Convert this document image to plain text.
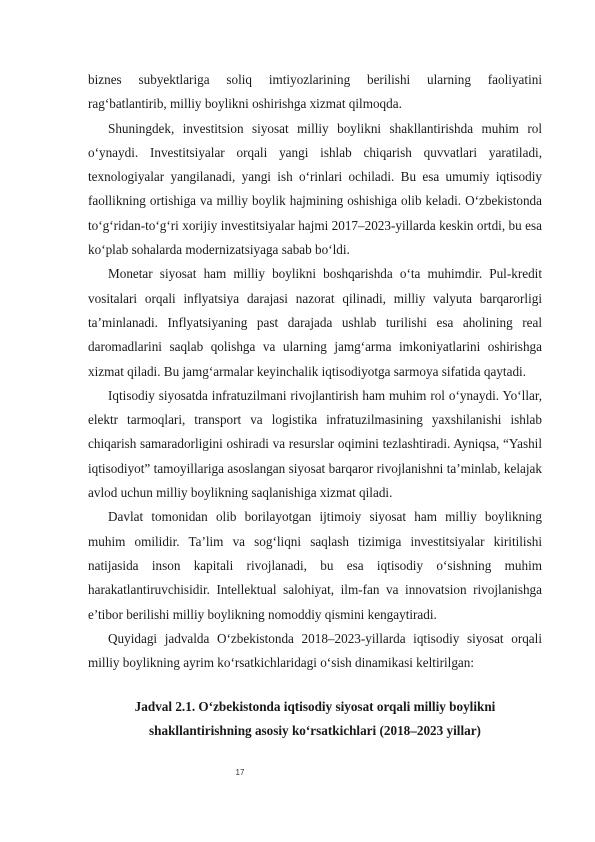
biznes subyektlariga soliq imtiyozlarining berilishi ularning faoliyatini rag‘batlantirib, milliy boylikni oshirishga xizmat qilmoqda.

Shuningdek, investitsion siyosat milliy boylikni shakllantirishda muhim rol o‘ynaydi. Investitsiyalar orqali yangi ishlab chiqarish quvvatlari yaratiladi, texnologiyalar yangilanadi, yangi ish o‘rinlari ochiladi. Bu esa umumiy iqtisodiy faollikning ortishiga va milliy boylik hajmining oshishiga olib keladi. O‘zbekistonda to‘g‘ridan-to‘g‘ri xorijiy investitsiyalar hajmi 2017–2023-yillarda keskin ortdi, bu esa ko‘plab sohalarda modernizatsiyaga sabab bo‘ldi.

Monetar siyosat ham milliy boylikni boshqarishda o‘ta muhimdir. Pul-kredit vositalari orqali inflyatsiya darajasi nazorat qilinadi, milliy valyuta barqarorligi ta’minlanadi. Inflyatsiyaning past darajada ushlab turilishi esa aholining real daromadlarini saqlab qolishga va ularning jamg‘arma imkoniyatlarini oshirishga xizmat qiladi. Bu jamg‘armalar keyinchalik iqtisodiyotga sarmoya sifatida qaytadi.

Iqtisodiy siyosatda infratuzilmani rivojlantirish ham muhim rol o‘ynaydi. Yo‘llar, elektr tarmoqlari, transport va logistika infratuzilmasining yaxshilanishi ishlab chiqarish samaradorligini oshiradi va resurslar oqimini tezlashtiradi. Ayniqsa, “Yashil iqtisodiyot” tamoyillariga asoslangan siyosat barqaror rivojlanishni ta’minlab, kelajak avlod uchun milliy boylikning saqlanishiga xizmat qiladi.

Davlat tomonidan olib borilayotgan ijtimoiy siyosat ham milliy boylikning muhim omilidir. Ta’lim va sog‘liqni saqlash tizimiga investitsiyalar kiritilishi natijasida inson kapitali rivojlanadi, bu esa iqtisodiy o‘sishning muhim harakatlantiruvchisidir. Intellektual salohiyat, ilm-fan va innovatsion rivojlanishga e’tibor berilishi milliy boylikning nomoddiy qismini kengaytiradi.

Quyidagi jadvalda O‘zbekistonda 2018–2023-yillarda iqtisodiy siyosat orqali milliy boylikning ayrim ko‘rsatkichlaridagi o‘sish dinamikasi keltirilgan:

Jadval 2.1. O‘zbekistonda iqtisodiy siyosat orqali milliy boylikni
shakllantirishning asosiy ko‘rsatkichlari (2018–2023 yillar)
17
